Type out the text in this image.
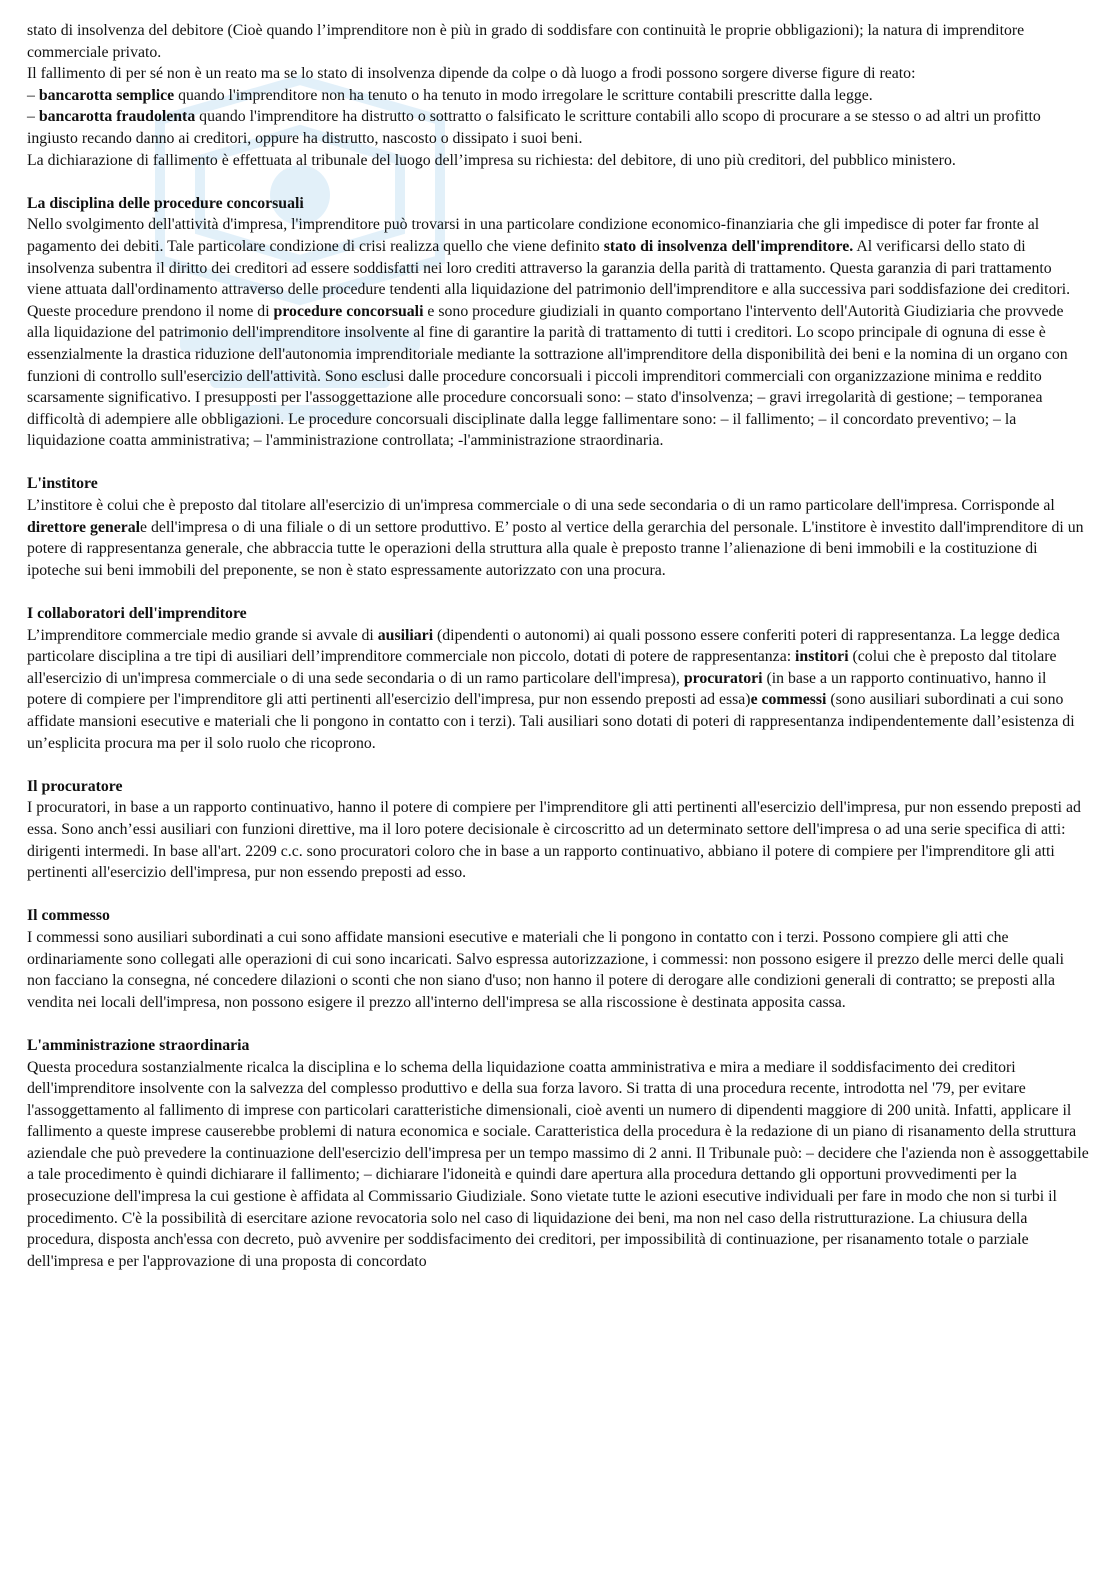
stato di insolvenza del debitore (Cioè quando l’imprenditore non è più in grado di soddisfare con continuità le proprie obbligazioni); la natura di imprenditore commerciale privato.

Il fallimento di per sé non è un reato ma se lo stato di insolvenza dipende da colpe o dà luogo a frodi possono sorgere diverse figure di reato:

– bancarotta semplice quando l'imprenditore non ha tenuto o ha tenuto in modo irregolare le scritture contabili prescritte dalla legge.

– bancarotta fraudolenta quando l'imprenditore ha distrutto o sottratto o falsificato le scritture contabili allo scopo di procurare a se stesso o ad altri un profitto ingiusto recando danno ai creditori, oppure ha distrutto, nascosto o dissipato i suoi beni.

La dichiarazione di fallimento è effettuata al tribunale del luogo dell’impresa su richiesta: del debitore, di uno più creditori, del pubblico ministero.

La disciplina delle procedure concorsuali

Nello svolgimento dell'attività d'impresa, l'imprenditore può trovarsi in una particolare condizione economico-finanziaria che gli impedisce di poter far fronte al pagamento dei debiti. Tale particolare condizione di crisi realizza quello che viene definito stato di insolvenza dell'imprenditore. Al verificarsi dello stato di insolvenza subentra il diritto dei creditori ad essere soddisfatti nei loro crediti attraverso la garanzia della parità di trattamento. Questa garanzia di pari trattamento viene attuata dall'ordinamento attraverso delle procedure tendenti alla liquidazione del patrimonio dell'imprenditore e alla successiva pari soddisfazione dei creditori. Queste procedure prendono il nome di procedure concorsuali e sono procedure giudiziali in quanto comportano l'intervento dell'Autorità Giudiziaria che provvede alla liquidazione del patrimonio dell'imprenditore insolvente al fine di garantire la parità di trattamento di tutti i creditori. Lo scopo principale di ognuna di esse è essenzialmente la drastica riduzione dell'autonomia imprenditoriale mediante la sottrazione all'imprenditore della disponibilità dei beni e la nomina di un organo con funzioni di controllo sull'esercizio dell'attività. Sono esclusi dalle procedure concorsuali i piccoli imprenditori commerciali con organizzazione minima e reddito scarsamente significativo. I presupposti per l'assoggettazione alle procedure concorsuali sono: – stato d'insolvenza; – gravi irregolarità di gestione; – temporanea difficoltà di adempiere alle obbligazioni. Le procedure concorsuali disciplinate dalla legge fallimentare sono: – il fallimento; – il concordato preventivo; – la liquidazione coatta amministrativa; – l'amministrazione controllata; -l'amministrazione straordinaria.

L'institore

L’institore è colui che è preposto dal titolare all'esercizio di un'impresa commerciale o di una sede secondaria o di un ramo particolare dell'impresa. Corrisponde al direttore generale dell'impresa o di una filiale o di un settore produttivo. E’ posto al vertice della gerarchia del personale. L'institore è investito dall'imprenditore di un potere di rappresentanza generale, che abbraccia tutte le operazioni della struttura alla quale è preposto tranne l’alienazione di beni immobili e la costituzione di ipoteche sui beni immobili del preponente, se non è stato espressamente autorizzato con una procura.

I collaboratori dell'imprenditore

L’imprenditore commerciale medio grande si avvale di ausiliari (dipendenti o autonomi) ai quali possono essere conferiti poteri di rappresentanza. La legge dedica particolare disciplina a tre tipi di ausiliari dell’imprenditore commerciale non piccolo, dotati di potere de rappresentanza: institori (colui che è preposto dal titolare all'esercizio di un'impresa commerciale o di una sede secondaria o di un ramo particolare dell'impresa), procuratori (in base a un rapporto continuativo, hanno il potere di compiere per l'imprenditore gli atti pertinenti all'esercizio dell'impresa, pur non essendo preposti ad essa)e commessi (sono ausiliari subordinati a cui sono affidate mansioni esecutive e materiali che li pongono in contatto con i terzi). Tali ausiliari sono dotati di poteri di rappresentanza indipendentemente dall’esistenza di un’esplicita procura ma per il solo ruolo che ricoprono.

Il procuratore

I procuratori, in base a un rapporto continuativo, hanno il potere di compiere per l'imprenditore gli atti pertinenti all'esercizio dell'impresa, pur non essendo preposti ad essa. Sono anch’essi ausiliari con funzioni direttive, ma il loro potere decisionale è circoscritto ad un determinato settore dell'impresa o ad una serie specifica di atti: dirigenti intermedi. In base all'art. 2209 c.c. sono procuratori coloro che in base a un rapporto continuativo, abbiano il potere di compiere per l'imprenditore gli atti pertinenti all'esercizio dell'impresa, pur non essendo preposti ad esso.

Il commesso

I commessi sono ausiliari subordinati a cui sono affidate mansioni esecutive e materiali che li pongono in contatto con i terzi. Possono compiere gli atti che ordinariamente sono collegati alle operazioni di cui sono incaricati. Salvo espressa autorizzazione, i commessi: non possono esigere il prezzo delle merci delle quali non facciano la consegna, né concedere dilazioni o sconti che non siano d'uso; non hanno il potere di derogare alle condizioni generali di contratto; se preposti alla vendita nei locali dell'impresa, non possono esigere il prezzo all'interno dell'impresa se alla riscossione è destinata apposita cassa.

L'amministrazione straordinaria

Questa procedura sostanzialmente ricalca la disciplina e lo schema della liquidazione coatta amministrativa e mira a mediare il soddisfacimento dei creditori dell'imprenditore insolvente con la salvezza del complesso produttivo e della sua forza lavoro. Si tratta di una procedura recente, introdotta nel '79, per evitare l'assoggettamento al fallimento di imprese con particolari caratteristiche dimensionali, cioè aventi un numero di dipendenti maggiore di 200 unità. Infatti, applicare il fallimento a queste imprese causerebbe problemi di natura economica e sociale. Caratteristica della procedura è la redazione di un piano di risanamento della struttura aziendale che può prevedere la continuazione dell'esercizio dell'impresa per un tempo massimo di 2 anni. Il Tribunale può: – decidere che l'azienda non è assoggettabile a tale procedimento è quindi dichiarare il fallimento; – dichiarare l'idoneità e quindi dare apertura alla procedura dettando gli opportuni provvedimenti per la prosecuzione dell'impresa la cui gestione è affidata al Commissario Giudiziale. Sono vietate tutte le azioni esecutive individuali per fare in modo che non si turbi il procedimento. C'è la possibilità di esercitare azione revocatoria solo nel caso di liquidazione dei beni, ma non nel caso della ristrutturazione. La chiusura della procedura, disposta anch'essa con decreto, può avvenire per soddisfacimento dei creditori, per impossibilità di continuazione, per risanamento totale o parziale dell'impresa e per l'approvazione di una proposta di concordato
